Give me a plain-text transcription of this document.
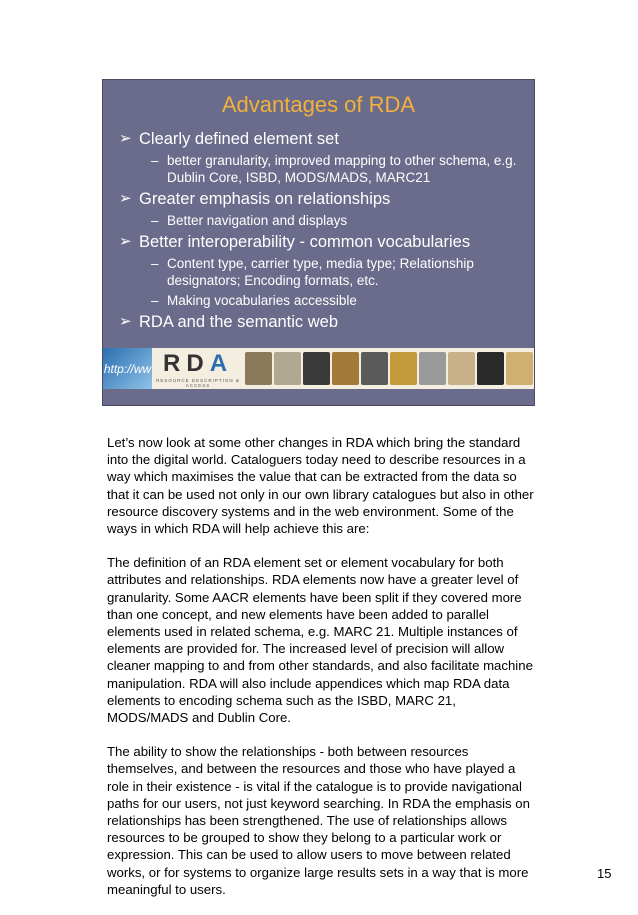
Advantages of RDA
➢ Clearly defined element set
– better granularity, improved mapping to other schema, e.g. Dublin Core, ISBD, MODS/MADS, MARC21
➢ Greater emphasis on relationships
– Better navigation and displays
➢ Better interoperability - common vocabularies
– Content type, carrier type, media type; Relationship designators; Encoding formats, etc.
– Making vocabularies accessible
➢ RDA and the semantic web
http://ww RDA
RESOURCE DESCRIPTION & ACCESS

Let’s now look at some other changes in RDA which bring the standard into the digital world. Cataloguers today need to describe resources in a way which maximises the value that can be extracted from the data so that it can be used not only in our own library catalogues but also in other resource discovery systems and in the web environment. Some of the ways in which RDA will help achieve this are:

The definition of an RDA element set or element vocabulary for both attributes and relationships. RDA elements now have a greater level of granularity. Some AACR elements have been split if they covered more than one concept, and new elements have been added to parallel elements used in related schema, e.g. MARC 21. Multiple instances of elements are provided for. The increased level of precision will allow cleaner mapping to and from other standards, and also facilitate machine manipulation. RDA will also include appendices which map RDA data elements to encoding schema such as the ISBD, MARC 21, MODS/MADS and Dublin Core.

The ability to show the relationships - both between resources themselves, and between the resources and those who have played a role in their existence - is vital if the catalogue is to provide navigational paths for our users, not just keyword searching. In RDA the emphasis on relationships has been strengthened. The use of relationships allows resources to be grouped to show they belong to a particular work or expression. This can be used to allow users to move between related works, or for systems to organize large results sets in a way that is more meaningful to users.

15
